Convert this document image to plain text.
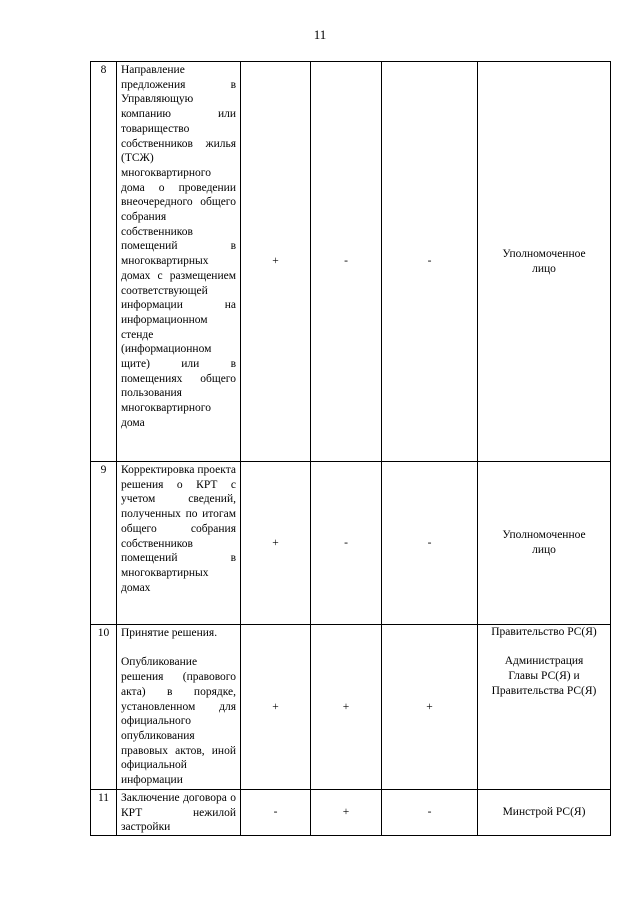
11
8	Направление предложения в Управляющую компанию или товарищество собственников жилья (ТСЖ) многоквартирного дома о проведении внеочередного общего собрания собственников помещений в многоквартирных домах с размещением соответствующей информации на информационном стенде (информационном щите) или в помещениях общего пользования многоквартирного дома	+	-	-	Уполномоченное
лицо

9	Корректировка проекта решения о КРТ с учетом сведений, полученных по итогам общего собрания собственников помещений в многоквартирных домах	+	-	-	Уполномоченное
лицо

10	Принятие решения.
Опубликование решения (правового акта) в порядке, установленном для официального опубликования правовых актов, иной официальной информации	+	+	+	Правительство РС(Я)
Администрация Главы РС(Я) и Правительства РС(Я)

11	Заключение договора о КРТ нежилой застройки	-	+	-	Минстрой РС(Я)
